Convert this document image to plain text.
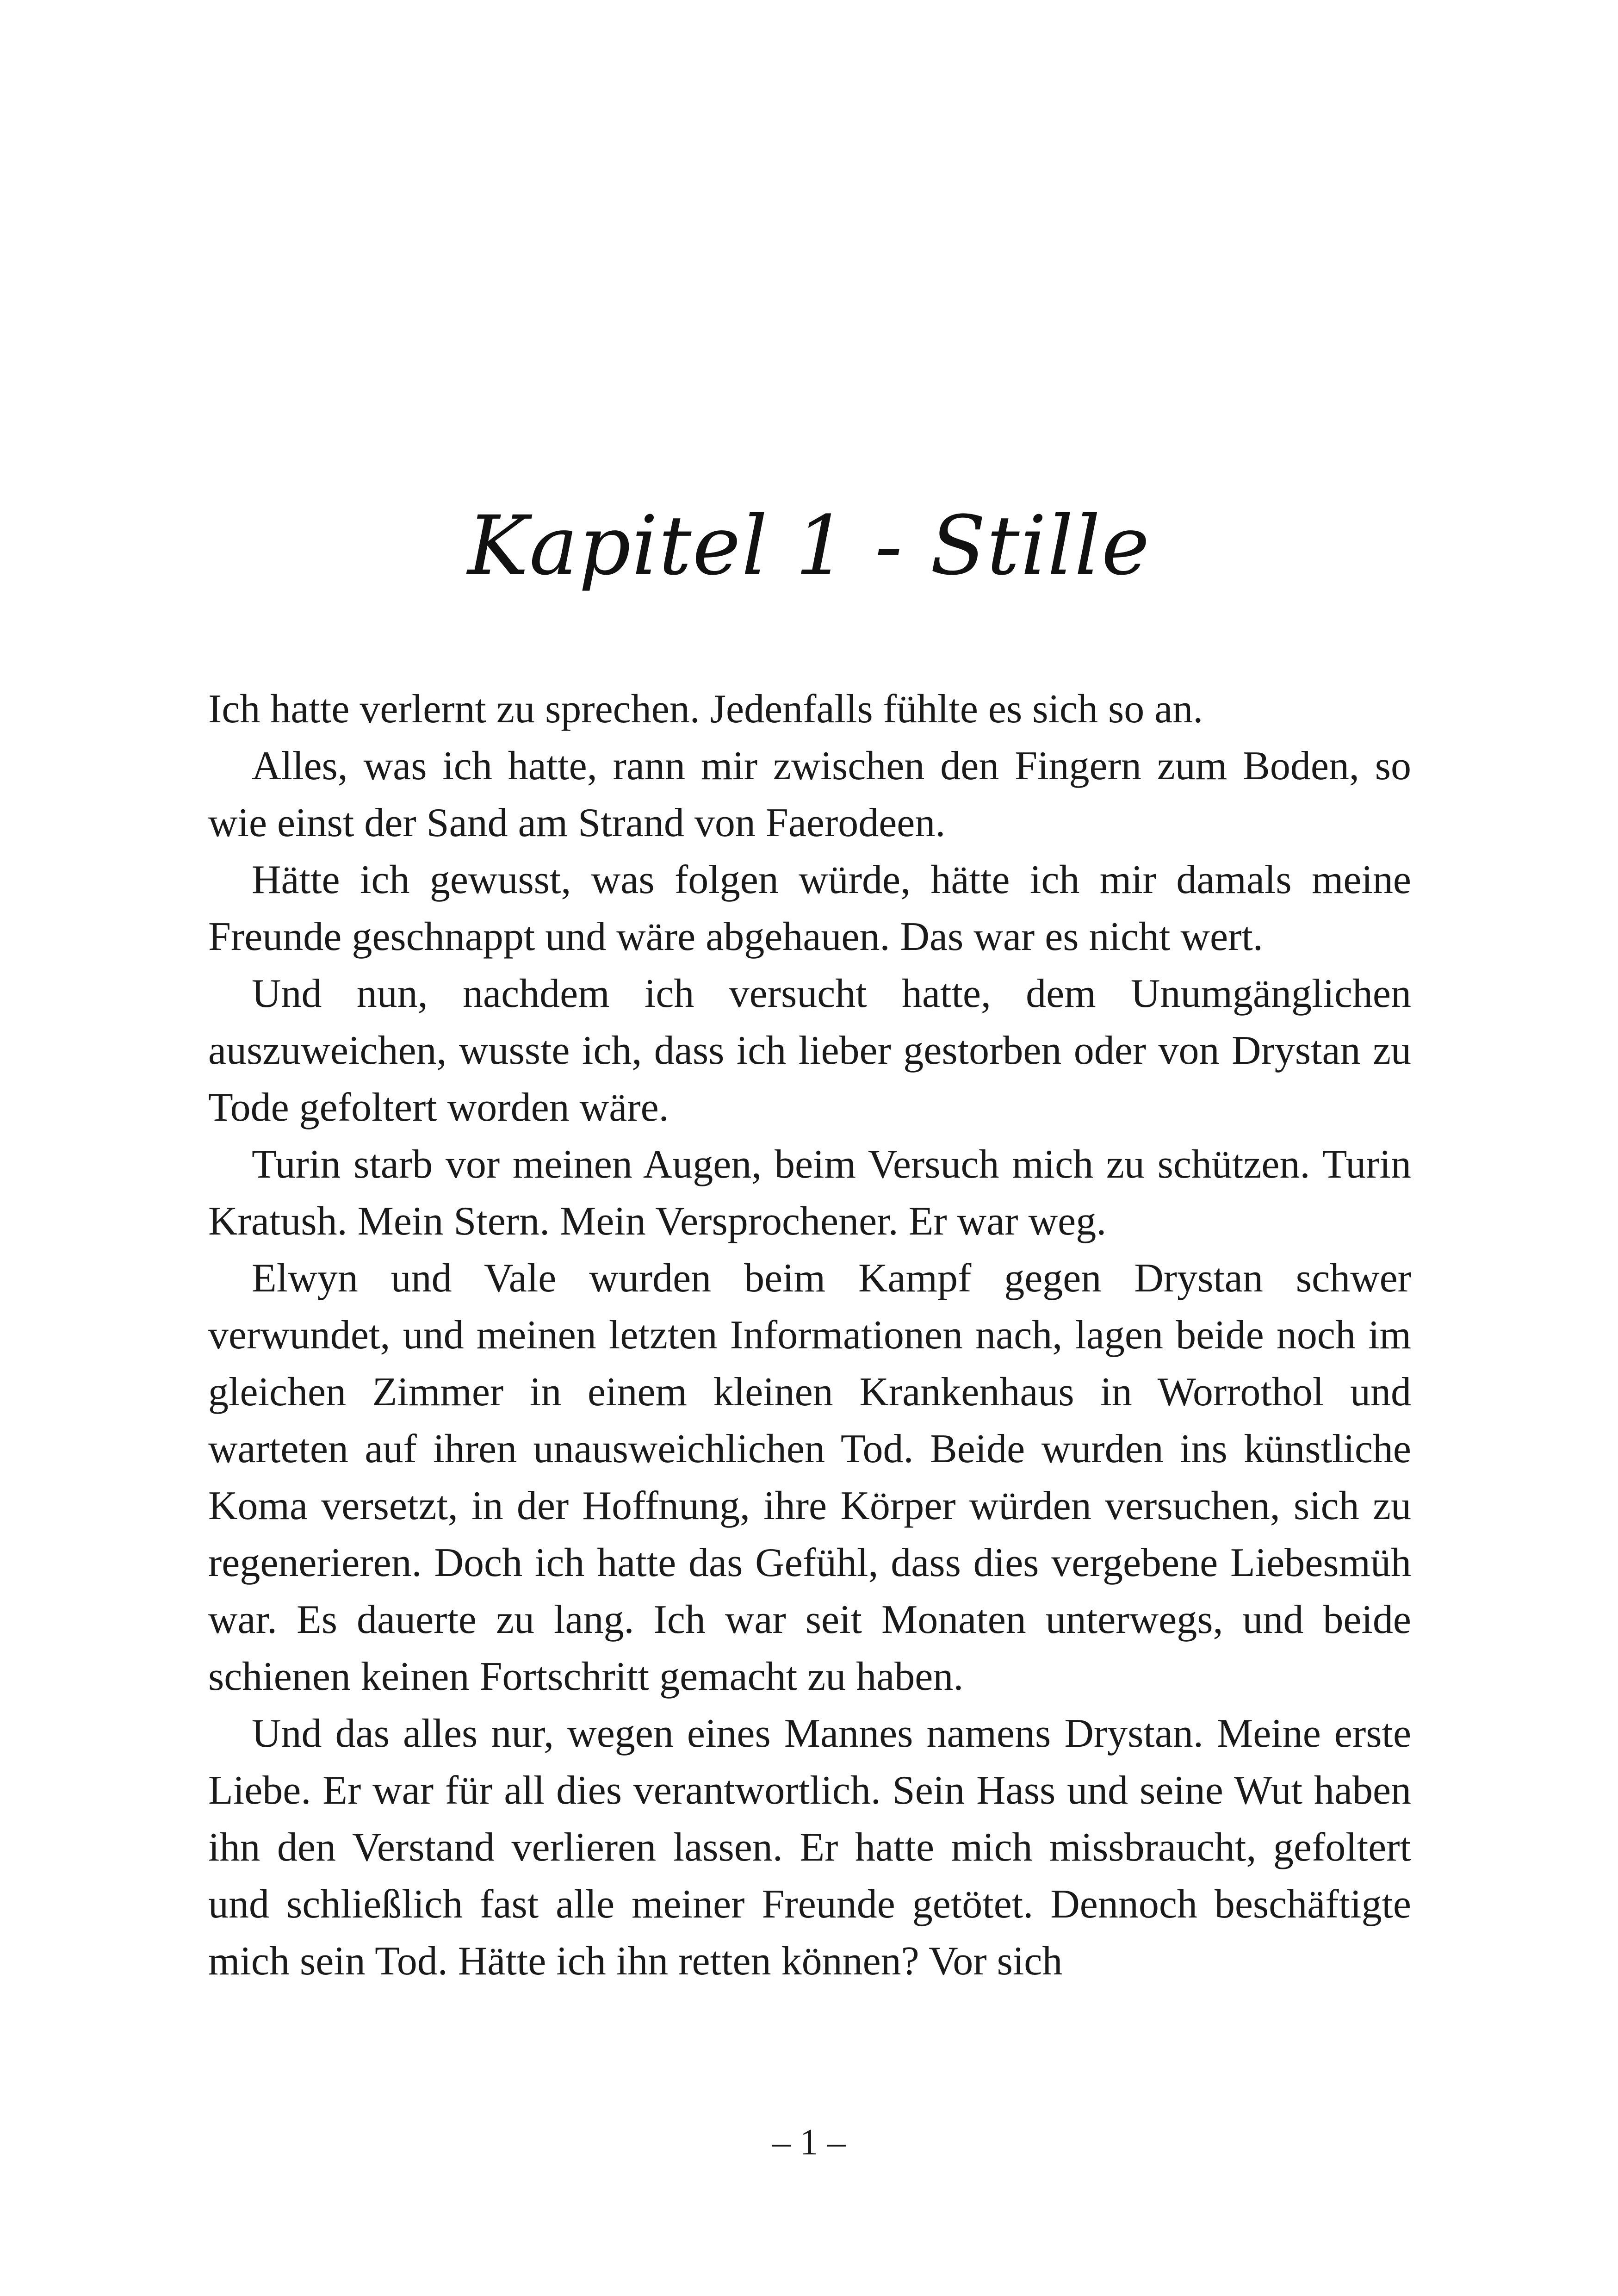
Kapitel 1 - Stille

Ich hatte verlernt zu sprechen. Jedenfalls fühlte es sich so an.

Alles, was ich hatte, rann mir zwischen den Fingern zum Boden, so wie einst der Sand am Strand von Faerodeen.

Hätte ich gewusst, was folgen würde, hätte ich mir damals meine Freunde geschnappt und wäre abgehauen. Das war es nicht wert.

Und nun, nachdem ich versucht hatte, dem Unumgänglichen auszuweichen, wusste ich, dass ich lieber gestorben oder von Drystan zu Tode gefoltert worden wäre.

Turin starb vor meinen Augen, beim Versuch mich zu schützen. Turin Kratush. Mein Stern. Mein Versprochener. Er war weg.

Elwyn und Vale wurden beim Kampf gegen Drystan schwer verwundet, und meinen letzten Informationen nach, lagen beide noch im gleichen Zimmer in einem kleinen Krankenhaus in Worrothol und warteten auf ihren unausweichlichen Tod. Beide wurden ins künstliche Koma versetzt, in der Hoffnung, ihre Körper würden versuchen, sich zu regenerieren. Doch ich hatte das Gefühl, dass dies vergebene Liebesmüh war. Es dauerte zu lang. Ich war seit Monaten unterwegs, und beide schienen keinen Fortschritt gemacht zu haben.

Und das alles nur, wegen eines Mannes namens Drystan. Meine erste Liebe. Er war für all dies verantwortlich. Sein Hass und seine Wut haben ihn den Verstand verlieren lassen. Er hatte mich missbraucht, gefoltert und schließlich fast alle meiner Freunde getötet. Dennoch beschäftigte mich sein Tod. Hätte ich ihn retten können? Vor sich

– 1 –
